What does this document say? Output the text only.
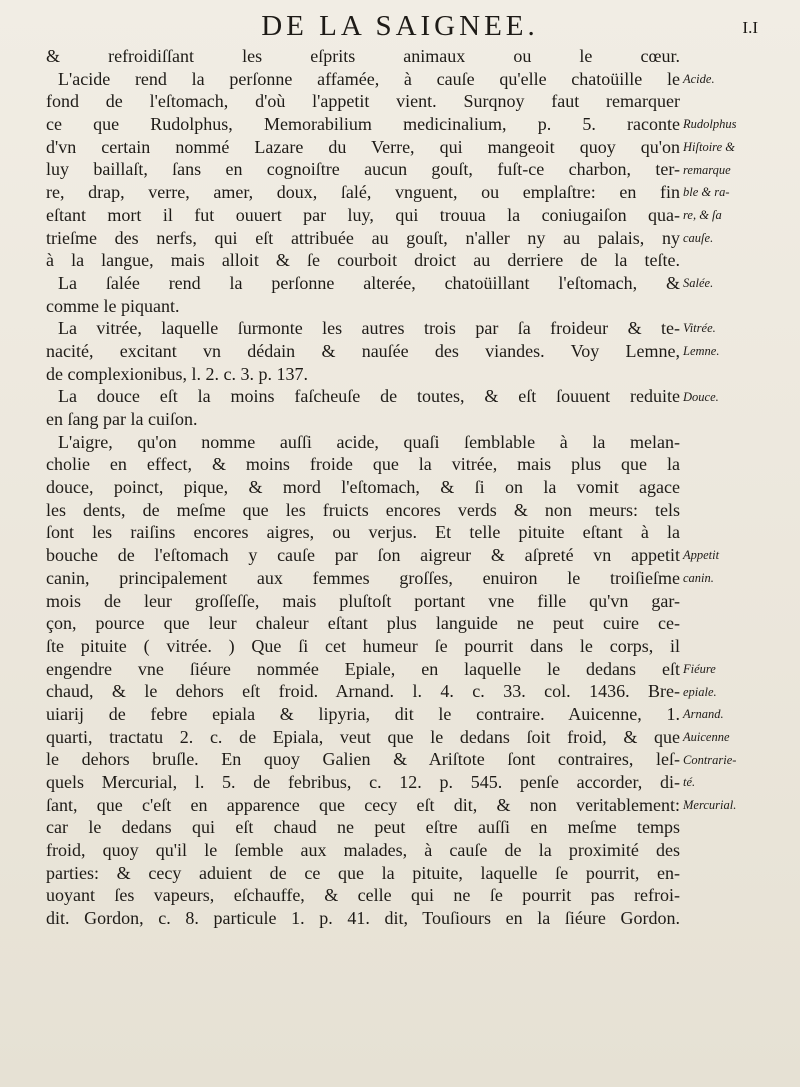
DE LA SAIGNEE.	I.I
& refroidiſſant les eſprits animaux ou le cœur.
L'acide rend la perſonne affamée, à cauſe qu'elle chatoüille le
fond de l'eſtomach, d'où l'appetit vient. Surqnoy faut remarquer
ce que Rudolphus, Memorabilium medicinalium, p. 5. raconte
d'vn certain nommé Lazare du Verre, qui mangeoit quoy qu'on
luy baillaſt, ſans en cognoiſtre aucun gouſt, fuſt-ce charbon, ter-
re, drap, verre, amer, doux, ſalé, vnguent, ou emplaſtre: en fin
eſtant mort il fut ouuert par luy, qui trouua la coniugaiſon qua-
trieſme des nerfs, qui eſt attribuée au gouſt, n'aller ny au palais, ny
à la langue, mais alloit & ſe courboit droict au derriere de la teſte.
La ſalée rend la perſonne alterée, chatoüillant l'eſtomach, &
comme le piquant.
La vitrée, laquelle ſurmonte les autres trois par ſa froideur & te-
nacité, excitant vn dédain & nauſée des viandes. Voy Lemne,
de complexionibus, l. 2. c. 3. p. 137.
La douce eſt la moins faſcheuſe de toutes, & eſt ſouuent reduite
en ſang par la cuiſon.
L'aigre, qu'on nomme auſſi acide, quaſi ſemblable à la melan-
cholie en effect, & moins froide que la vitrée, mais plus que la
douce, poinct, pique, & mord l'eſtomach, & ſi on la vomit agace
les dents, de meſme que les fruicts encores verds & non meurs: tels
ſont les raiſins encores aigres, ou verjus. Et telle pituite eſtant à la
bouche de l'eſtomach y cauſe par ſon aigreur & aſpreté vn appetit
canin, principalement aux femmes groſſes, enuiron le troiſieſme
mois de leur groſſeſſe, mais pluſtoſt portant vne fille qu'vn gar-
çon, pource que leur chaleur eſtant plus languide ne peut cuire ce-
ſte pituite ( vitrée. ) Que ſi cet humeur ſe pourrit dans le corps, il
engendre vne ſiéure nommée Epiale, en laquelle le dedans eſt
chaud, & le dehors eſt froid. Arnand. l. 4. c. 33. col. 1436. Bre-
uiarij de febre epiala & lipyria, dit le contraire. Auicenne, 1.
quarti, tractatu 2. c. de Epiala, veut que le dedans ſoit froid, & que
le dehors bruſle. En quoy Galien & Ariſtote ſont contraires, leſ-
quels Mercurial, l. 5. de febribus, c. 12. p. 545. penſe accorder, di-
ſant, que c'eſt en apparence que cecy eſt dit, & non veritablement:
car le dedans qui eſt chaud ne peut eſtre auſſi en meſme temps
froid, quoy qu'il le ſemble aux malades, à cauſe de la proximité des
parties: & cecy aduient de ce que la pituite, laquelle ſe pourrit, en-
uoyant ſes vapeurs, eſchauffe, & celle qui ne ſe pourrit pas refroi-
dit. Gordon, c. 8. particule 1. p. 41. dit, Touſiours en la ſiéure Gordon.
Acide.
Rudolphus
Hiſtoire &
remarque
ble & ra-
re, & ſa
cauſe.
Salée.
Vitrée.
Lemne.
Douce.
Appetit
canin.
Fiéure
epiale.
Arnand.
Auicenne
Contrarie-
té.
Mercurial.
